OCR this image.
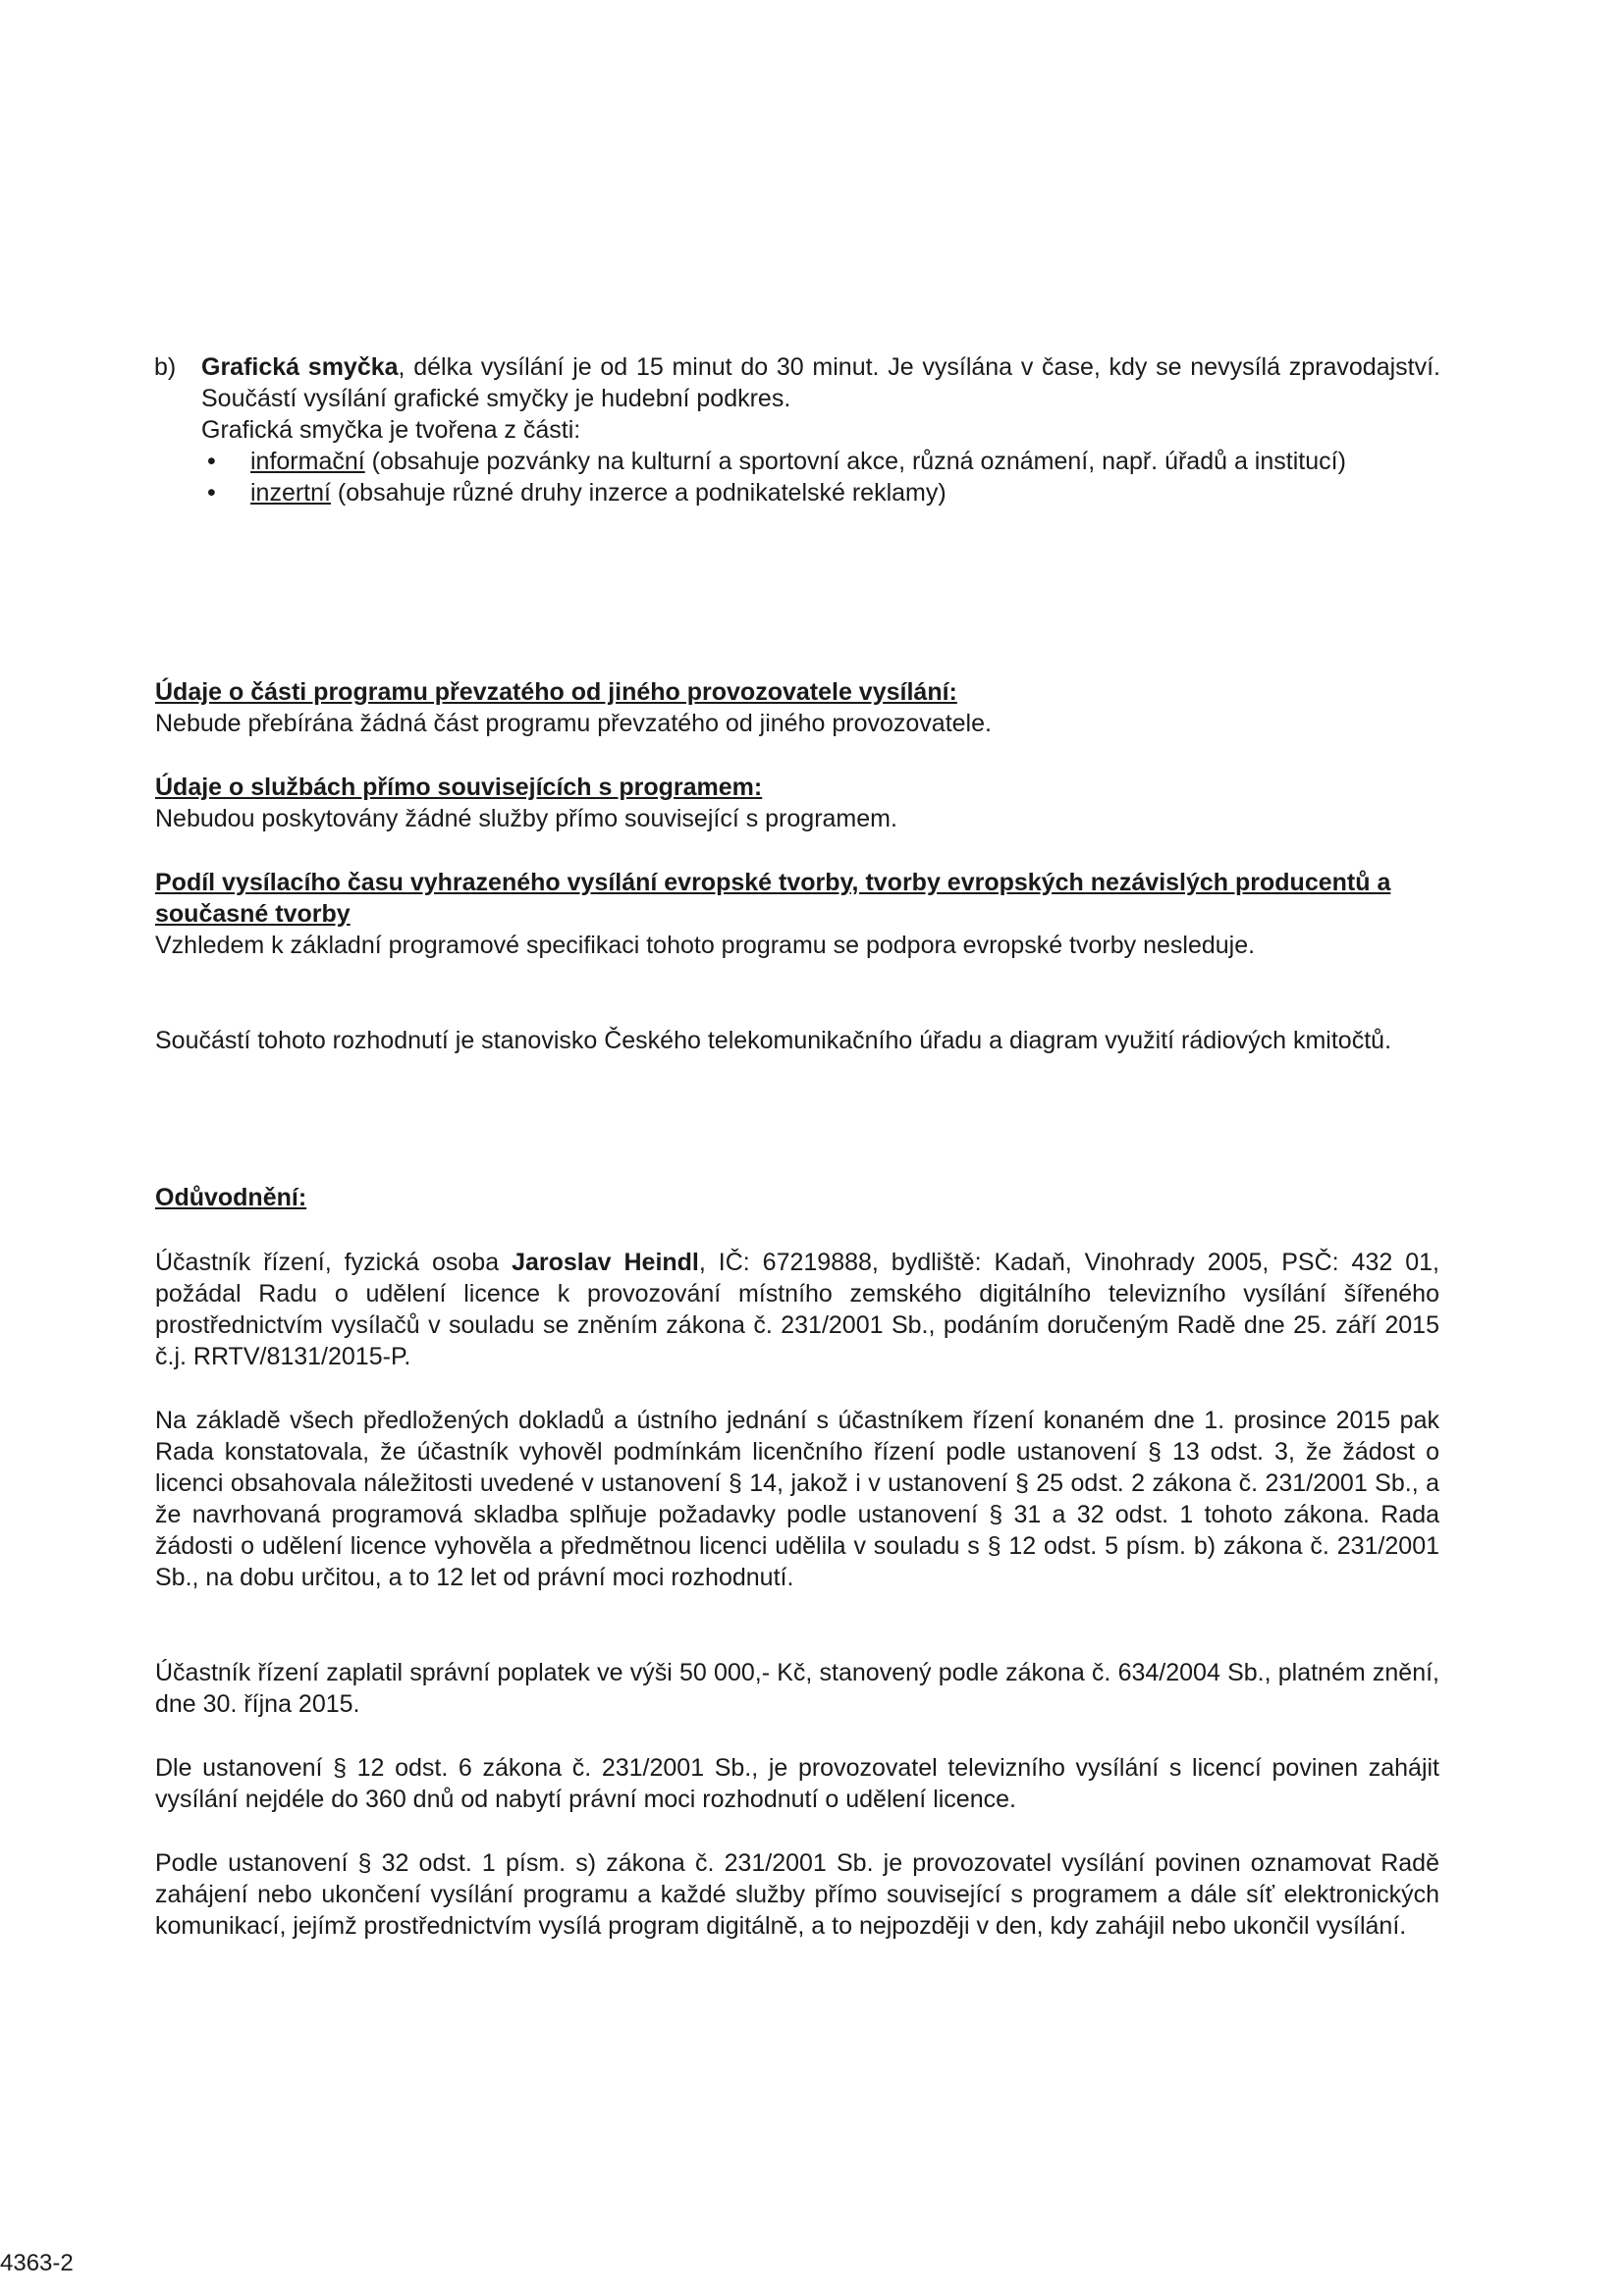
b) Grafická smyčka, délka vysílání je od 15 minut do 30 minut. Je vysílána v čase, kdy se nevysílá zpravodajství. Součástí vysílání grafické smyčky je hudební podkres.

Grafická smyčka je tvořena z části:

• informační (obsahuje pozvánky na kulturní a sportovní akce, různá oznámení, např. úřadů a institucí)
• inzertní (obsahuje různé druhy inzerce a podnikatelské reklamy)

Údaje o části programu převzatého od jiného provozovatele vysílání:

Nebude přebírána žádná část programu převzatého od jiného provozovatele.

Údaje o službách přímo souvisejících s programem:

Nebudou poskytovány žádné služby přímo související s programem.

Podíl vysílacího času vyhrazeného vysílání evropské tvorby, tvorby evropských nezávislých producentů a současné tvorby

Vzhledem k základní programové specifikaci tohoto programu se podpora evropské tvorby nesleduje.

Součástí tohoto rozhodnutí je stanovisko Českého telekomunikačního úřadu a diagram využití rádiových kmitočtů.

Odůvodnění:

Účastník řízení, fyzická osoba Jaroslav Heindl, IČ: 67219888, bydliště: Kadaň, Vinohrady 2005, PSČ: 432 01, požádal Radu o udělení licence k provozování místního zemského digitálního televizního vysílání šířeného prostřednictvím vysílačů v souladu se zněním zákona č. 231/2001 Sb., podáním doručeným Radě dne 25. září 2015 č.j. RRTV/8131/2015-P.

Na základě všech předložených dokladů a ústního jednání s účastníkem řízení konaném dne 1. prosince 2015 pak Rada konstatovala, že účastník vyhověl podmínkám licenčního řízení podle ustanovení § 13 odst. 3, že žádost o licenci obsahovala náležitosti uvedené v ustanovení § 14, jakož i v ustanovení § 25 odst. 2 zákona č. 231/2001 Sb., a že navrhovaná programová skladba splňuje požadavky podle ustanovení § 31 a 32 odst. 1 tohoto zákona. Rada žádosti o udělení licence vyhověla a předmětnou licenci udělila v souladu s § 12 odst. 5 písm. b) zákona č. 231/2001 Sb., na dobu určitou, a to 12 let od právní moci rozhodnutí.

Účastník řízení zaplatil správní poplatek ve výši 50 000,- Kč, stanovený podle zákona č. 634/2004 Sb., platném znění, dne 30. října 2015.

Dle ustanovení § 12 odst. 6 zákona č. 231/2001 Sb., je provozovatel televizního vysílání s licencí povinen zahájit vysílání nejdéle do 360 dnů od nabytí právní moci rozhodnutí o udělení licence.

Podle ustanovení § 32 odst. 1 písm. s) zákona č. 231/2001 Sb. je provozovatel vysílání povinen oznamovat Radě zahájení nebo ukončení vysílání programu a každé služby přímo související s programem a dále síť elektronických komunikací, jejímž prostřednictvím vysílá program digitálně, a to nejpozději v den, kdy zahájil nebo ukončil vysílání.

4363-2
